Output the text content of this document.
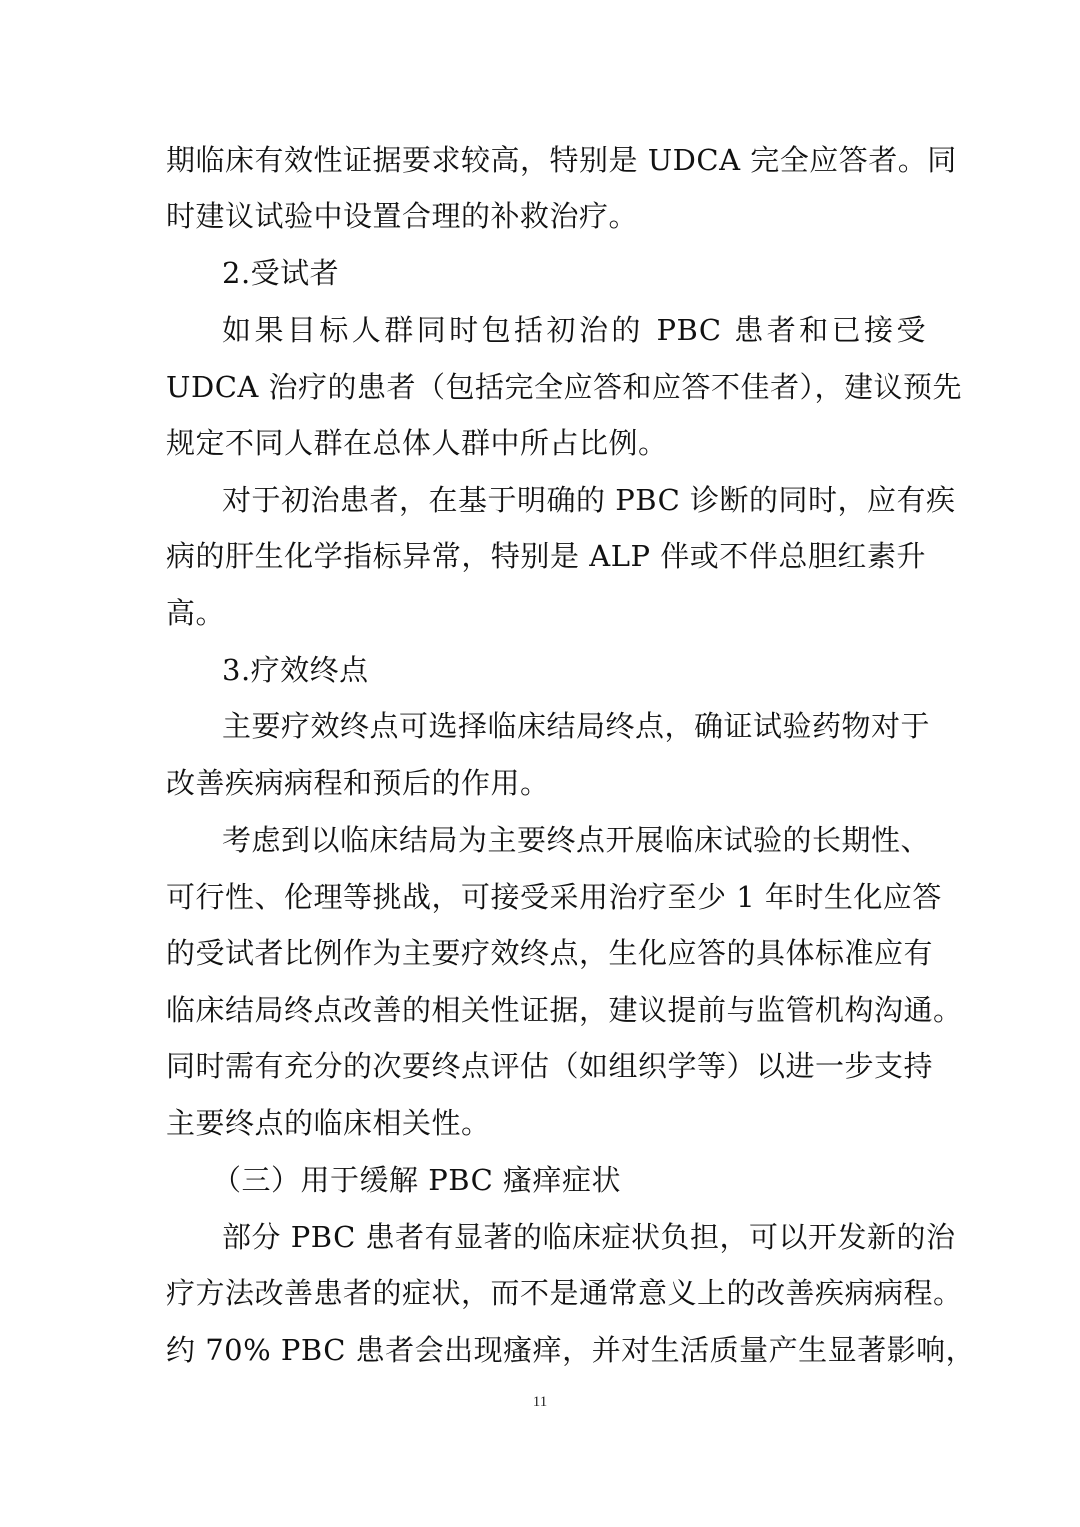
期临床有效性证据要求较高，特别是 UDCA 完全应答者。同
时建议试验中设置合理的补救治疗。
2.受试者
如果目标人群同时包括初治的 PBC 患者和已接受
UDCA 治疗的患者（包括完全应答和应答不佳者），建议预先
规定不同人群在总体人群中所占比例。
对于初治患者，在基于明确的 PBC 诊断的同时，应有疾
病的肝生化学指标异常，特别是 ALP 伴或不伴总胆红素升
高。
3.疗效终点
主要疗效终点可选择临床结局终点，确证试验药物对于
改善疾病病程和预后的作用。
考虑到以临床结局为主要终点开展临床试验的长期性、
可行性、伦理等挑战，可接受采用治疗至少 1 年时生化应答
的受试者比例作为主要疗效终点，生化应答的具体标准应有
临床结局终点改善的相关性证据，建议提前与监管机构沟通。
同时需有充分的次要终点评估（如组织学等）以进一步支持
主要终点的临床相关性。
（三）用于缓解 PBC 瘙痒症状
部分 PBC 患者有显著的临床症状负担，可以开发新的治
疗方法改善患者的症状，而不是通常意义上的改善疾病病程。
约 70% PBC 患者会出现瘙痒，并对生活质量产生显著影响，
11
